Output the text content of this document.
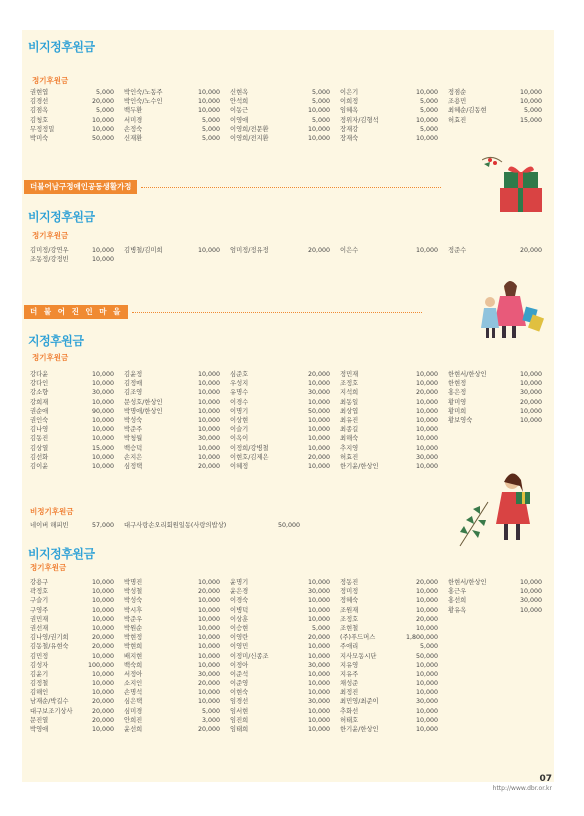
비지정후원금
정기후원금
권현엽	5,000 박인숙/노동주	10,000 신현옥	5,000 이은기	10,000 정점순	10,000
김경선	20,000 박인숙/노수인	10,000 안석희	5,000 이희정	5,000 조용민	10,000
김점옥	5,000 백두환	10,000 이동근	10,000 임혜옥	5,000 최혜순/김동현	5,000
김청호	10,000 서미경	5,000 이영애	5,000 정위자/김형석	10,000 허효진	15,000
무정정밀	10,000 손정숙	5,000 이영희/전문환	10,000 장재강	5,000
박미숙	50,000 신재환	5,000 이영희/전지환	10,000 장재숙	10,000
더불어남구정애인공동생활가정
비지정후원금
정기후원금
김미정/강연우	10,000 김병철/김미희	10,000 엄미정/정유정	20,000 이은수	10,000 정준수	20,000
조동정/강정빈	10,000
더 불 어 진 인 마 을
지정후원금
정기후원금
강다윤	10,000 김윤정	10,000 심준호	20,000 정민재	10,000 한현서/한상인	10,000
강다인	10,000 김정매	10,000 우성지	10,000 조정호	10,000 한현정	10,000
강소향	30,000 김조영	10,000 유명수	30,000 지석희	20,000 홍은정	30,000
강희재	10,000 문성호/한상인	10,000 이경수	10,000 최동일	10,000 황미영	20,000
권순애	90,000 박명애/한상인	10,000 이명기	50,000 최상엽	10,000 황미희	10,000
권인숙	10,000 박성숙	10,000 이상현	10,000 최유진	10,000 황보영숙	10,000
김나영	10,000 박준주	10,000 이슬기	10,000 최종길	10,000
김동진	10,000 박청월	30,000 이옥이	10,000 최해숙	10,000
김상열	15,000 백승덕	10,000 이정희/강병철	10,000 추지영	10,000
김선화	10,000 손지은	10,000 이현호/김제은	20,000 허효진	30,000
김이윤	10,000 심정택	20,000 이혜정	10,000 한기윤/한상인	10,000
비정기후원금
네이버 해피빈	57,000 대구사랑손오리회원일동(사랑의밥상)	50,000
비지정후원금
정기후원금
강용구	10,000 박명진	10,000 윤명기	10,000 정동진	20,000 한현서/한상인	10,000
곽정호	10,000 박성철	20,000 윤은경	30,000 정미정	10,000 홍근우	10,000
구슬기	10,000 박성숙	10,000 이경숙	10,000 정혜숙	10,000 홍선희	30,000
구영주	10,000 박시후	10,000 이병덕	10,000 조원재	10,000 황유옥	10,000
권민재	10,000 박준우	10,000 이상훈	10,000 조정호	20,000
권선재	10,000 박원순	10,000 이승현	5,000 조현철	10,000
김나영/권기희	20,000 박현정	10,000 이영란	20,000 (주)푸드머스	1,800,000
김동철/유현숙	20,000 박현희	10,000 이영민	10,000 주애리	5,000
김민정	10,000 배지현	10,000 이정미/신종조	10,000 지사모동시단	50,000
김성자	100,000 백숙희	10,000 이정아	30,000 지유영	10,000
김윤기	10,000 서정아	30,000 이준석	10,000 지유주	10,000
김정철	10,000 소지인	20,000 이준영	10,000 채성준	10,000
김해인	10,000 손명석	10,000 이현숙	10,000 최정진	10,000
남재순/박길수	20,000 심은택	10,000 임경선	30,000 최민영/최준이	30,000
대구보조기상사	20,000 심미경	5,000 임서현	10,000 추화선	10,000
문진열	20,000 안희진	3,000 임진희	10,000 허태호	10,000
박영애	10,000 윤선희	20,000 임태희	10,000 한기윤/한상인	10,000
07
http://www.dbr.or.kr
